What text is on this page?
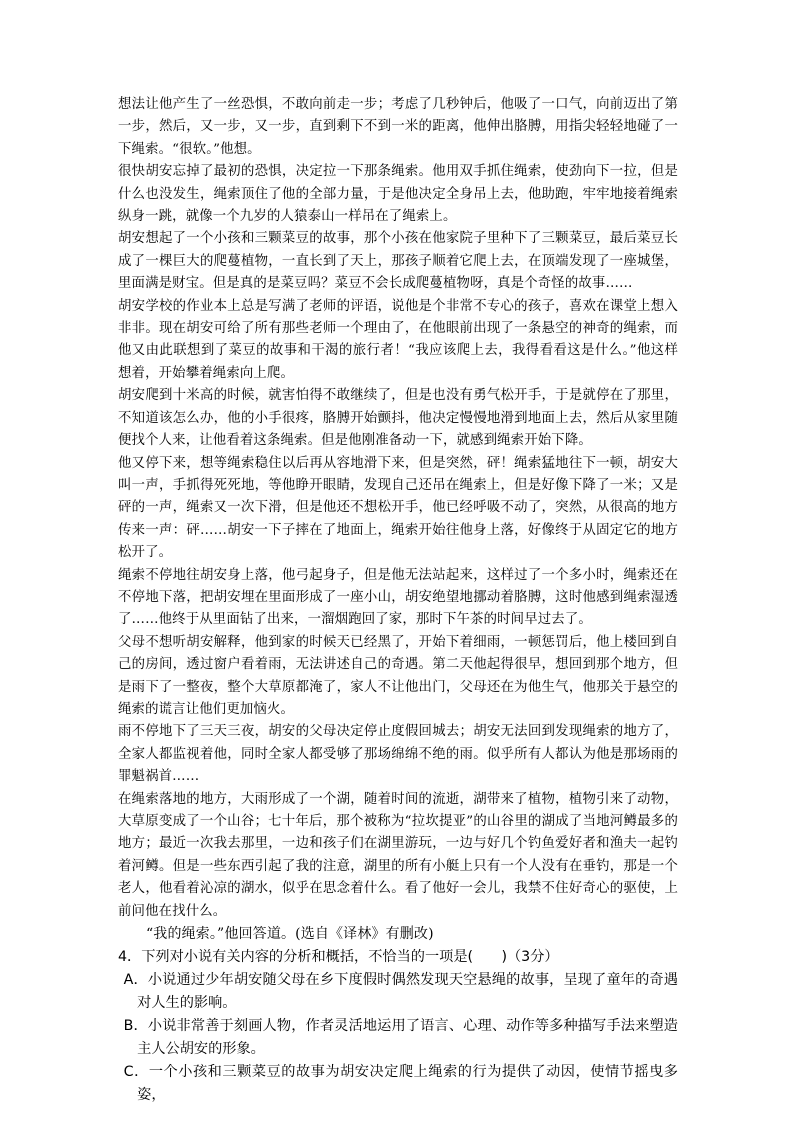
想法让他产生了一丝恐惧，不敢向前走一步；考虑了几秒钟后，他吸了一口气，向前迈出了第一步，然后，又一步，又一步，直到剩下不到一米的距离，他伸出胳膊，用指尖轻轻地碰了一下绳索。“很软。”他想。

很快胡安忘掉了最初的恐惧，决定拉一下那条绳索。他用双手抓住绳索，使劲向下一拉，但是什么也没发生，绳索顶住了他的全部力量，于是他决定全身吊上去，他助跑，牢牢地接着绳索纵身一跳，就像一个九岁的人猿泰山一样吊在了绳索上。

胡安想起了一个小孩和三颗菜豆的故事，那个小孩在他家院子里种下了三颗菜豆，最后菜豆长成了一棵巨大的爬蔓植物，一直长到了天上，那孩子顺着它爬上去，在顶端发现了一座城堡，里面满是财宝。但是真的是菜豆吗？菜豆不会长成爬蔓植物呀，真是个奇怪的故事……

胡安学校的作业本上总是写满了老师的评语，说他是个非常不专心的孩子，喜欢在课堂上想入非非。现在胡安可给了所有那些老师一个理由了，在他眼前出现了一条悬空的神奇的绳索，而他又由此联想到了菜豆的故事和干渴的旅行者！“我应该爬上去，我得看看这是什么。”他这样想着，开始攀着绳索向上爬。

胡安爬到十米高的时候，就害怕得不敢继续了，但是也没有勇气松开手，于是就停在了那里，不知道该怎么办，他的小手很疼，胳膊开始颤抖，他决定慢慢地滑到地面上去，然后从家里随便找个人来，让他看着这条绳索。但是他刚准备动一下，就感到绳索开始下降。

他又停下来，想等绳索稳住以后再从容地滑下来，但是突然，砰！绳索猛地往下一顿，胡安大叫一声，手抓得死死地，等他睁开眼睛，发现自己还吊在绳索上，但是好像下降了一米；又是砰的一声，绳索又一次下滑，但是他还不想松开手，他已经呼吸不动了，突然，从很高的地方传来一声：砰……胡安一下子摔在了地面上，绳索开始往他身上落，好像终于从固定它的地方松开了。

绳索不停地往胡安身上落，他弓起身子，但是他无法站起来，这样过了一个多小时，绳索还在不停地下落，把胡安埋在里面形成了一座小山，胡安绝望地挪动着胳膊，这时他感到绳索湿透了……他终于从里面钻了出来，一溜烟跑回了家，那时下午茶的时间早过去了。

父母不想听胡安解释，他到家的时候天已经黑了，开始下着细雨，一顿惩罚后，他上楼回到自己的房间，透过窗户看着雨，无法讲述自己的奇遇。第二天他起得很早，想回到那个地方，但是雨下了一整夜，整个大草原都淹了，家人不让他出门，父母还在为他生气，他那关于悬空的绳索的谎言让他们更加恼火。

雨不停地下了三天三夜，胡安的父母决定停止度假回城去；胡安无法回到发现绳索的地方了，全家人都监视着他，同时全家人都受够了那场绵绵不绝的雨。似乎所有人都认为他是那场雨的罪魁祸首……

在绳索落地的地方，大雨形成了一个湖，随着时间的流逝，湖带来了植物，植物引来了动物，大草原变成了一个山谷；七十年后，那个被称为“拉坎提亚”的山谷里的湖成了当地河鳟最多的地方；最近一次我去那里，一边和孩子们在湖里游玩，一边与好几个钓鱼爱好者和渔夫一起钓着河鳟。但是一些东西引起了我的注意，湖里的所有小艇上只有一个人没有在垂钓，那是一个老人，他看着沁凉的湖水，似乎在思念着什么。看了他好一会儿，我禁不住好奇心的驱使，上前问他在找什么。

“我的绳索。”他回答道。(选自《译林》有删改)

4．下列对小说有关内容的分析和概括，不恰当的一项是(　　)（3分）

A．小说通过少年胡安随父母在乡下度假时偶然发现天空悬绳的故事，呈现了童年的奇遇对人生的影响。

B．小说非常善于刻画人物，作者灵活地运用了语言、心理、动作等多种描写手法来塑造主人公胡安的形象。

C．一个小孩和三颗菜豆的故事为胡安决定爬上绳索的行为提供了动因，使情节摇曳多姿，
